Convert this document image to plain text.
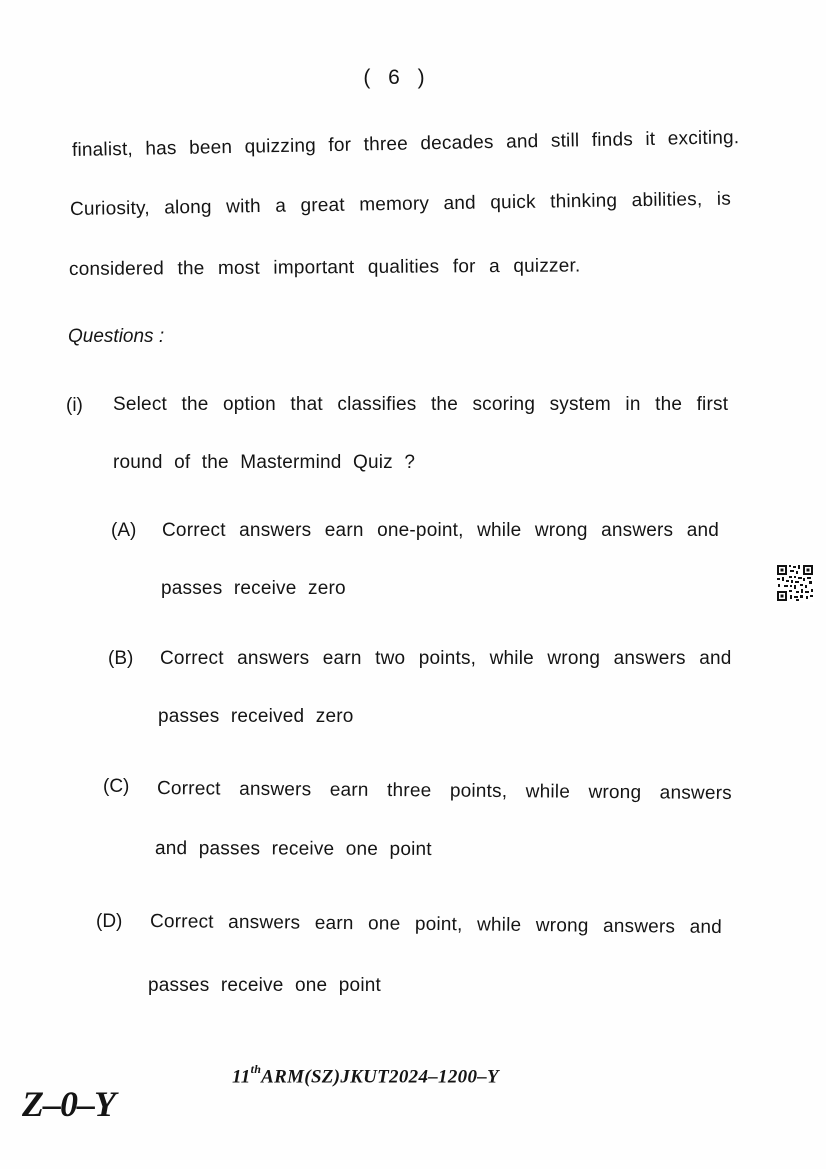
( 6 )
finalist, has been quizzing for three decades and still finds it exciting.
Curiosity, along with a great memory and quick thinking abilities, is
considered the most important qualities for a quizzer.
Questions :
(i) Select the option that classifies the scoring system in the first
round of the Mastermind Quiz ?
(A) Correct answers earn one-point, while wrong answers and
passes receive zero
(B) Correct answers earn two points, while wrong answers and
passes received zero
(C) Correct answers earn three points, while wrong answers
and passes receive one point
(D) Correct answers earn one point, while wrong answers and
passes receive one point
11thARM(SZ)JKUT2024–1200–Y
Z–0–Y
